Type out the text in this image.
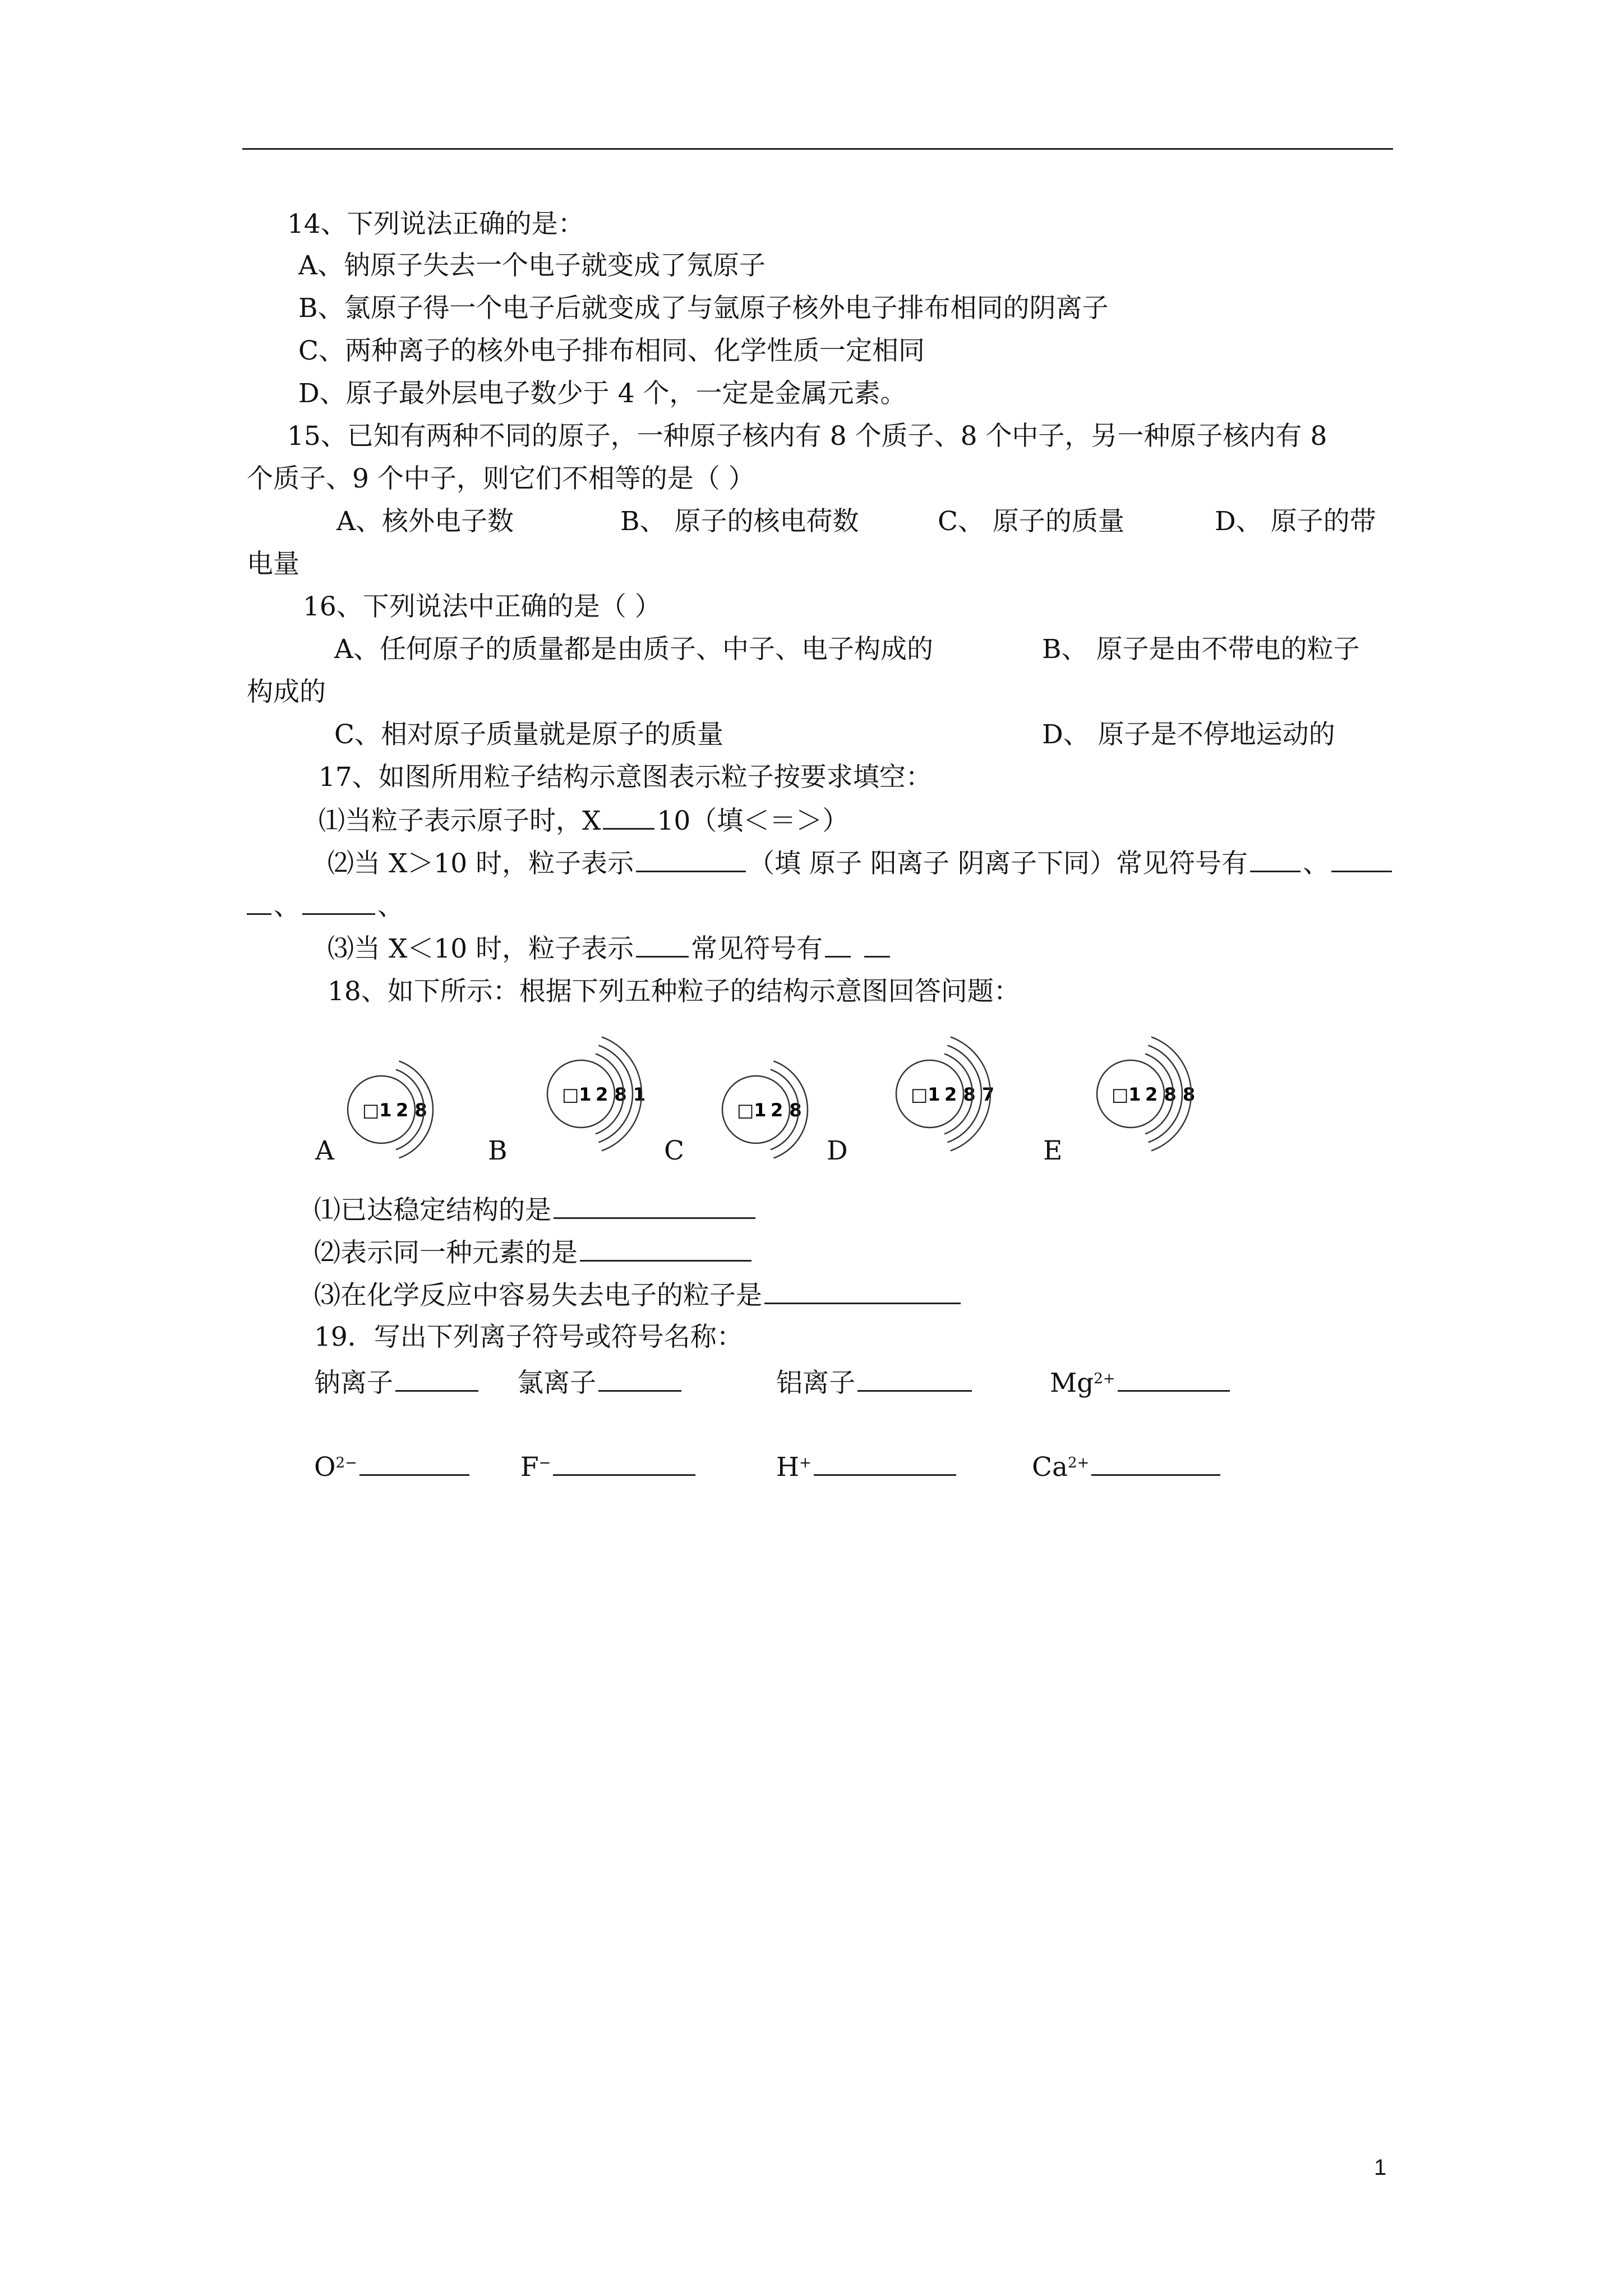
14、下列说法正确的是：
A、钠原子失去一个电子就变成了氖原子
B、氯原子得一个电子后就变成了与氩原子核外电子排布相同的阴离子
C、两种离子的核外电子排布相同、化学性质一定相同
D、原子最外层电子数少于 4 个，一定是金属元素。
15、已知有两种不同的原子，一种原子核内有 8 个质子、8 个中子，另一种原子核内有 8
个质子、9 个中子，则它们不相等的是（ ）
A、核外电子数	B、 原子的核电荷数	C、 原子的质量	D、 原子的带
电量
16、下列说法中正确的是（ ）
A、任何原子的质量都是由质子、中子、电子构成的	B、 原子是由不带电的粒子
构成的
C、相对原子质量就是原子的质量	D、 原子是不停地运动的
17、如图所用粒子结构示意图表示粒子按要求填空：
⑴当粒子表示原子时，X 10（填＜＝＞）
⑵当 X＞10 时，粒子表示	（填 原子 阳离子 阴离子下同）常见符号有 、
、	、
⑶当 X＜10 时，粒子表示 常见符号有
18、如下所示：根据下列五种粒子的结构示意图回答问题：
□1 2 8
A
□1 2 8 1
B
□1 2 8
C
□1 2 8 7
D
□1 2 8 8
E
⑴已达稳定结构的是
⑵表示同一种元素的是
⑶在化学反应中容易失去电子的粒子是
19．写出下列离子符号或符号名称：
钠离子	氯离子	铝离子	$Mg^{2+}$
$O^{2-}$	F−	H+	$Ca^{2+}$
1
